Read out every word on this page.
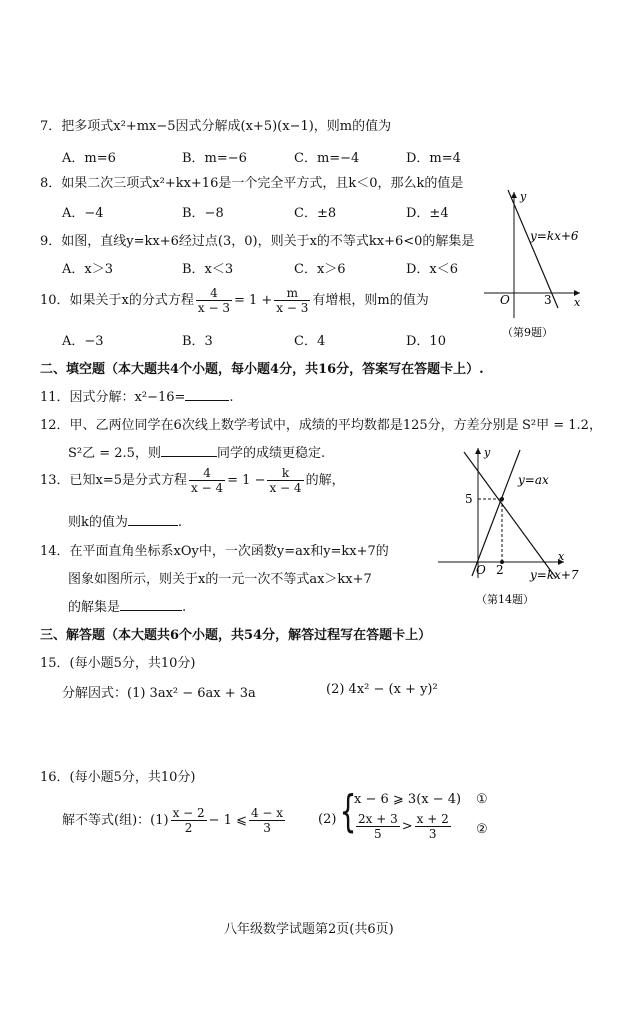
7．把多项式x²+mx−5因式分解成(x+5)(x−1)，则m的值为
A．m=6	B．m=−6	C．m=−4	D．m=4
8．如果二次三项式x²+kx+16是一个完全平方式，且k＜0，那么k的值是
A．−4	B．−8	C．±8	D．±4
9．如图，直线y=kx+6经过点(3，0)，则关于x的不等式kx+6<0的解集是
A．x＞3	B．x＜3	C．x＞6	D．x＜6
y
x
O	3
y=kx+6
（第9题）
10．如果关于x的分式方程 $\frac{4}{x - 3} = 1 + \frac{m}{x - 3}$ 有增根，则m的值为
A．−3	B．3	C．4	D．10
二、填空题（本大题共4个小题，每小题4分，共16分，答案写在答题卡上）.
11．因式分解：x²−16=	.
12．甲、乙两位同学在6次线上数学考试中，成绩的平均数都是125分，方差分别是 S²甲 = 1.2，
S²乙 = 2.5，则	同学的成绩更稳定.
13．已知x=5是分式方程 $\frac{4}{x - 4} = 1 - \frac{k}{x - 4}$ 的解，
则k的值为	.
14．在平面直角坐标系xOy中，一次函数y=ax和y=kx+7的
图象如图所示，则关于x的一元一次不等式ax＞kx+7
的解集是	.
y
x
O 2
5
y=ax
y=kx+7
（第14题）
三、解答题（本大题共6个小题，共54分，解答过程写在答题卡上）
15．(每小题5分，共10分)
分解因式：(1) 3ax² − 6ax + 3a	(2) 4x² − (x + y)²
16．(每小题5分，共10分)
解不等式(组)：$(1) \frac{x - 2}{2} - 1$ ⩽ $\frac{4 - x}{3}$	(2) {
x − 6 ⩾ 3(x − 4)
$\frac{2x + 3}{5} > \frac{x + 2}{3}$
①
②
八年级数学试题第2页(共6页)
